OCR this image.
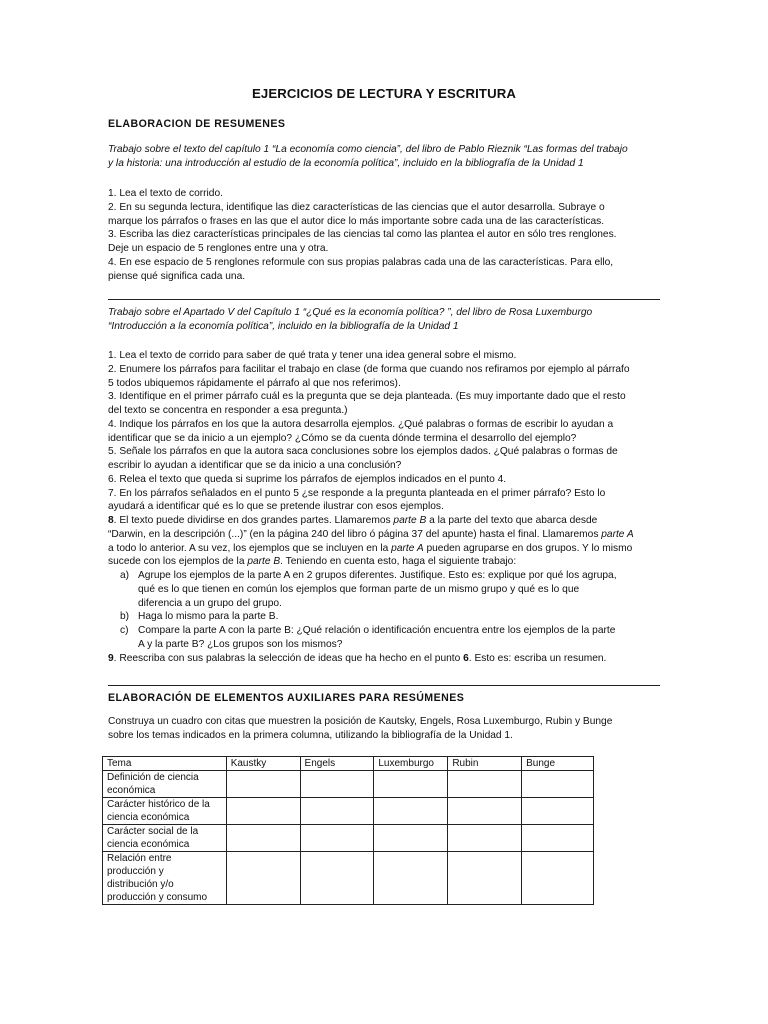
EJERCICIOS DE LECTURA Y ESCRITURA
ELABORACION DE RESUMENES

Trabajo sobre el texto del capítulo 1 “La economía como ciencia”, del libro de Pablo Rieznik “Las formas del trabajo

y la historia: una introducción al estudio de la economía política”, incluido en la bibliografía de la Unidad 1

1. Lea el texto de corrido.

2. En su segunda lectura, identifique las diez características de las ciencias que el autor desarrolla. Subraye o

marque los párrafos o frases en las que el autor dice lo más importante sobre cada una de las características.

3. Escriba las diez características principales de las ciencias tal como las plantea el autor en sólo tres renglones.

Deje un espacio de 5 renglones entre una y otra.

4. En ese espacio de 5 renglones reformule con sus propias palabras cada una de las características. Para ello,

piense qué significa cada una.

Trabajo sobre el Apartado V del Capítulo 1 “¿Qué es la economía política? ”, del libro de Rosa Luxemburgo

“Introducción a la economía política”, incluido en la bibliografía de la Unidad 1

1. Lea el texto de corrido para saber de qué trata y tener una idea general sobre el mismo.

2. Enumere los párrafos para facilitar el trabajo en clase (de forma que cuando nos refiramos por ejemplo al párrafo

5 todos ubiquemos rápidamente el párrafo al que nos referimos).

3. Identifique en el primer párrafo cuál es la pregunta que se deja planteada. (Es muy importante dado que el resto

del texto se concentra en responder a esa pregunta.)

4. Indique los párrafos en los que la autora desarrolla ejemplos. ¿Qué palabras o formas de escribir lo ayudan a

identificar que se da inicio a un ejemplo? ¿Cómo se da cuenta dónde termina el desarrollo del ejemplo?

5. Señale los párrafos en que la autora saca conclusiones sobre los ejemplos dados. ¿Qué palabras o formas de

escribir lo ayudan a identificar que se da inicio a una conclusión?

6. Relea el texto que queda si suprime los párrafos de ejemplos indicados en el punto 4.

7. En los párrafos señalados en el punto 5 ¿se responde a la pregunta planteada en el primer párrafo? Esto lo

ayudará a identificar qué es lo que se pretende ilustrar con esos ejemplos.

8. El texto puede dividirse en dos grandes partes. Llamaremos parte B a la parte del texto que abarca desde

“Darwin, en la descripción (...)” (en la página 240 del libro ó página 37 del apunte) hasta el final. Llamaremos parte A

a todo lo anterior. A su vez, los ejemplos que se incluyen en la parte A pueden agruparse en dos grupos. Y lo mismo

sucede con los ejemplos de la parte B. Teniendo en cuenta esto, haga el siguiente trabajo:

a) Agrupe los ejemplos de la parte A en 2 grupos diferentes. Justifique. Esto es: explique por qué los agrupa,

qué es lo que tienen en común los ejemplos que forman parte de un mismo grupo y qué es lo que

diferencia a un grupo del grupo.

b) Haga lo mismo para la parte B.

c) Compare la parte A con la parte B: ¿Qué relación o identificación encuentra entre los ejemplos de la parte

A y la parte B? ¿Los grupos son los mismos?

9. Reescriba con sus palabras la selección de ideas que ha hecho en el punto 6. Esto es: escriba un resumen.

ELABORACIÓN DE ELEMENTOS AUXILIARES PARA RESÚMENES

Construya un cuadro con citas que muestren la posición de Kautsky, Engels, Rosa Luxemburgo, Rubin y Bunge

sobre los temas indicados en la primera columna, utilizando la bibliografía de la Unidad 1.

Tema	Kaustky	Engels	Luxemburgo	Rubin	Bunge

Definición de ciencia
económica					

Carácter histórico de la
ciencia económica					

Carácter social de la
ciencia económica					

Relación entre
producción y
distribución y/o
producción y consumo					
